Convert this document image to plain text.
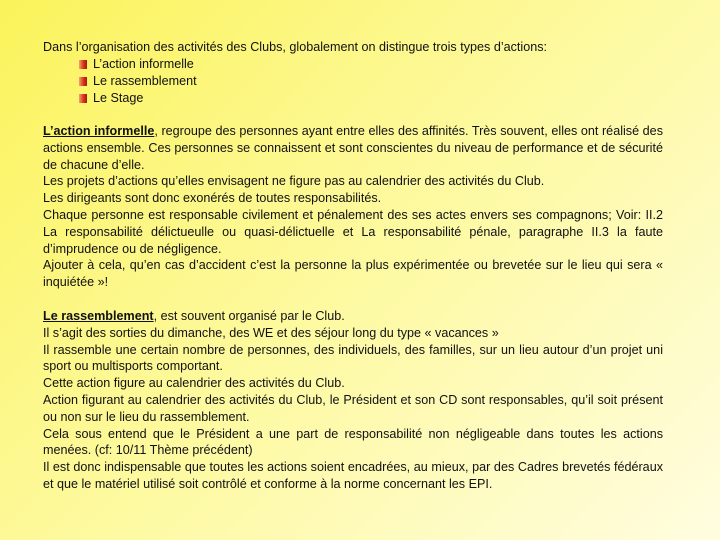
Dans l’organisation des activités des Clubs, globalement on distingue trois types d’actions:
L’action informelle
Le rassemblement
Le Stage

L’action informelle, regroupe des personnes ayant entre elles des affinités. Très souvent, elles ont réalisé des actions ensemble. Ces personnes se connaissent et sont conscientes du niveau de performance et de sécurité de chacune d’elle.

Les projets d’actions qu’elles envisagent ne figure pas au calendrier des activités du Club.

Les dirigeants sont donc exonérés de toutes responsabilités.

Chaque personne est responsable civilement et pénalement des ses actes envers ses compagnons; Voir: II.2 La responsabilité délictueulle ou quasi-délictuelle et La responsabilité pénale, paragraphe II.3 la faute d’imprudence ou de négligence.

Ajouter à cela, qu’en cas d’accident c’est la personne la plus expérimentée ou brevetée sur le lieu qui sera « inquiétée »!

Le rassemblement, est souvent organisé par le Club.

Il s’agit des sorties du dimanche, des WE et des séjour long du type « vacances »

Il rassemble une certain nombre de personnes, des individuels, des familles, sur un lieu autour d’un projet uni sport ou multisports comportant.

Cette action figure au calendrier des activités du Club.

Action figurant au calendrier des activités du Club, le Président et son CD sont responsables, qu’il soit présent ou non sur le lieu du rassemblement.

Cela sous entend que le Président a une part de responsabilité non négligeable dans toutes les actions menées. (cf: 10/11 Thème précédent)

Il est donc indispensable que toutes les actions soient encadrées, au mieux, par des Cadres brevetés fédéraux et que le matériel utilisé soit contrôlé et conforme à la norme concernant les EPI.
